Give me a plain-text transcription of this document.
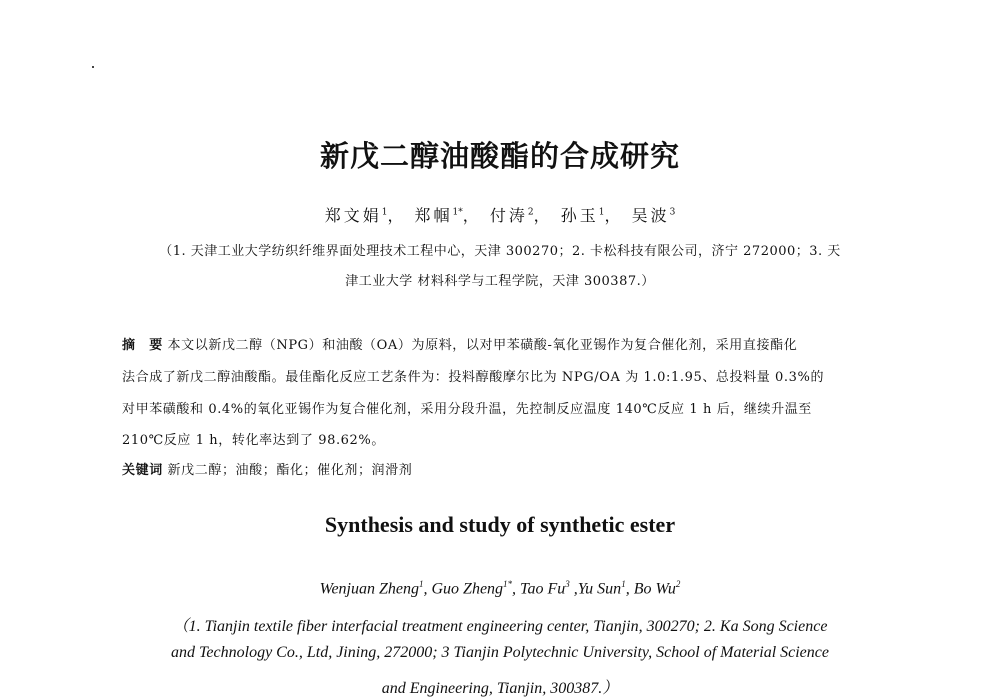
新戊二醇油酸酯的合成研究
郑文娟$^1$， 郑帼$^{1*}$， 付涛$^2$， 孙玉$^1$， 吴波$^3$
（1. 天津工业大学纺织纤维界面处理技术工程中心，天津 300270；2. 卡松科技有限公司，济宁 272000；3. 天
津工业大学 材料科学与工程学院，天津 300387.）
摘　要 本文以新戊二醇（NPG）和油酸（OA）为原料，以对甲苯磺酸-氧化亚锡作为复合催化剂，采用直接酯化
法合成了新戊二醇油酸酯。最佳酯化反应工艺条件为：投料醇酸摩尔比为 NPG/OA 为 1.0:1.95、总投料量 0.3%的
对甲苯磺酸和 0.4%的氧化亚锡作为复合催化剂，采用分段升温，先控制反应温度 140℃反应 1 h 后，继续升温至
210℃反应 1 h，转化率达到了 98.62%。
关键词 新戊二醇；油酸；酯化；催化剂；润滑剂
Synthesis and study of synthetic ester
Wenjuan Zheng$^1$, Guo Zheng$^{1*}$, Tao Fu$^3$ ,Yu Sun$^1$, Bo Wu$^2$
（1. Tianjin textile fiber interfacial treatment engineering center, Tianjin, 300270; 2. Ka Song Science
and Technology Co., Ltd, Jining, 272000; 3 Tianjin Polytechnic University, School of Material Science
and Engineering, Tianjin, 300387.）
